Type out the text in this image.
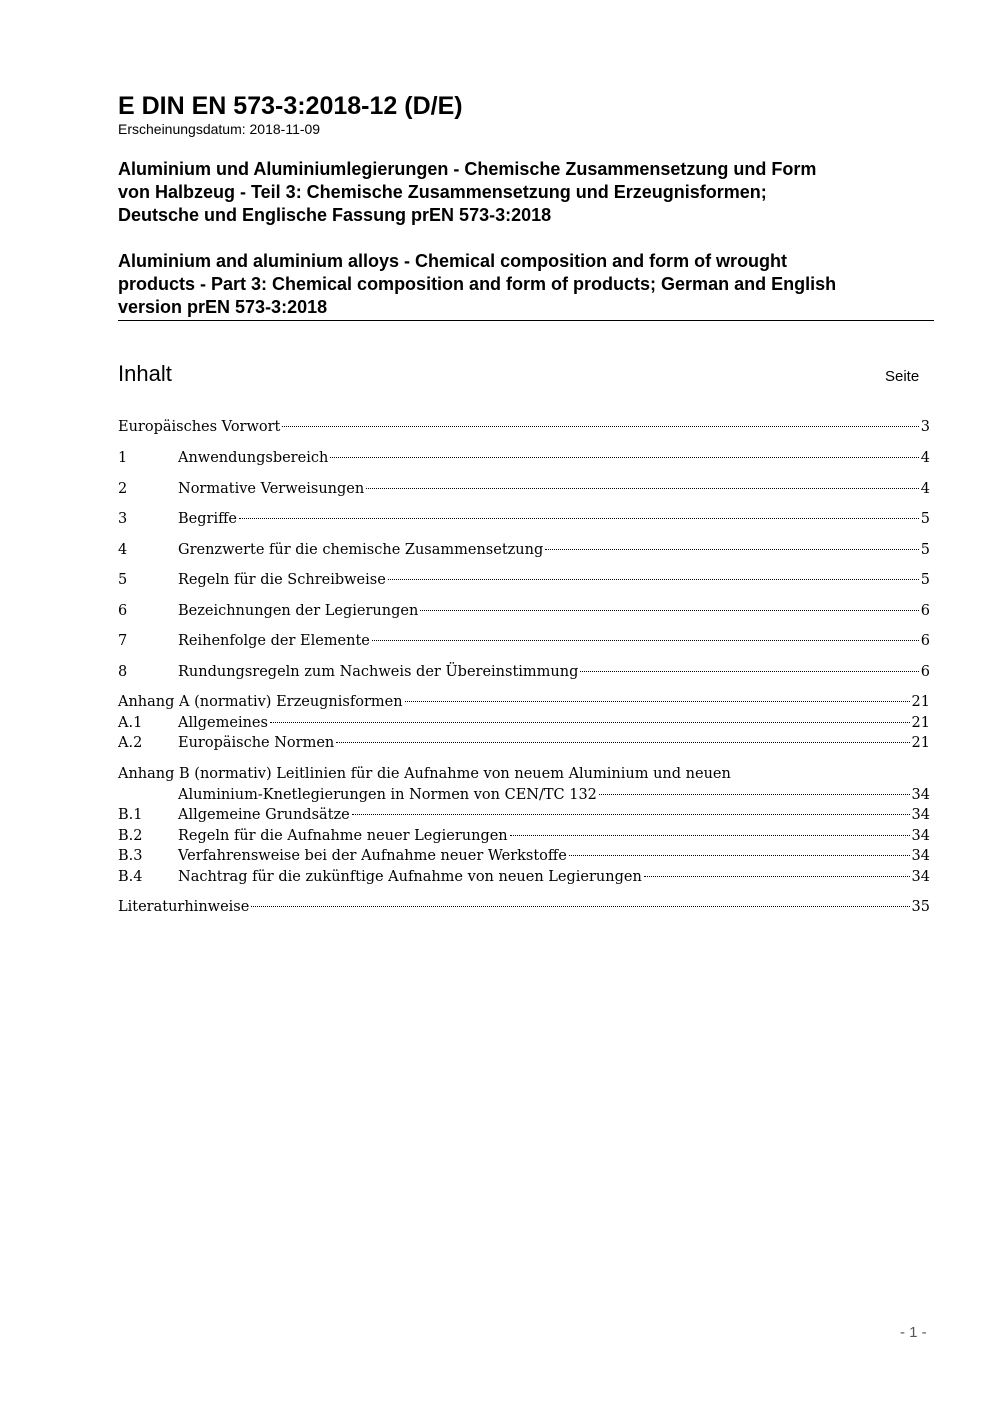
E DIN EN 573-3:2018-12 (D/E)
Erscheinungsdatum: 2018-11-09
Aluminium und Aluminiumlegierungen - Chemische Zusammensetzung und Form
von Halbzeug - Teil 3: Chemische Zusammensetzung und Erzeugnisformen;
Deutsche und Englische Fassung prEN 573-3:2018
Aluminium and aluminium alloys - Chemical composition and form of wrought
products - Part 3: Chemical composition and form of products; German and English
version prEN 573-3:2018
Inhalt	Seite
Europäisches Vorwort	3
1	Anwendungsbereich	4
2	Normative Verweisungen	4
3	Begriffe	5
4	Grenzwerte für die chemische Zusammensetzung	5
5	Regeln für die Schreibweise	5
6	Bezeichnungen der Legierungen	6
7	Reihenfolge der Elemente	6
8	Rundungsregeln zum Nachweis der Übereinstimmung	6
Anhang A (normativ) Erzeugnisformen	21
A.1	Allgemeines	21
A.2	Europäische Normen	21
Anhang B (normativ) Leitlinien für die Aufnahme von neuem Aluminium und neuen
Aluminium-Knetlegierungen in Normen von CEN/TC 132	34
B.1	Allgemeine Grundsätze	34
B.2	Regeln für die Aufnahme neuer Legierungen	34
B.3	Verfahrensweise bei der Aufnahme neuer Werkstoffe	34
B.4	Nachtrag für die zukünftige Aufnahme von neuen Legierungen	34
Literaturhinweise	35
- 1 -
